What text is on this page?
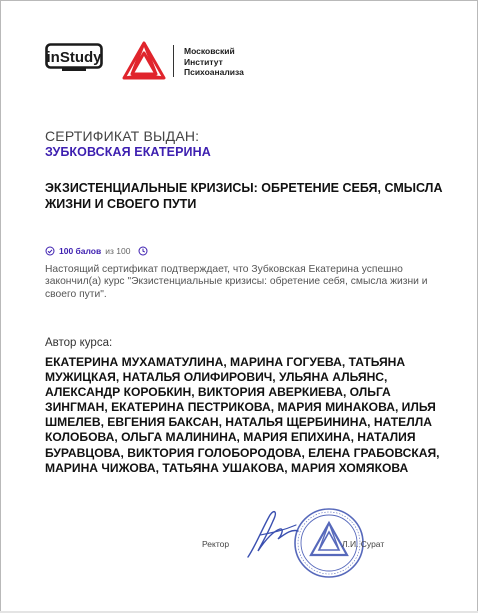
inStudy	Московский
Институт
Психоанализа
СЕРТИФИКАТ ВЫДАН:
ЗУБКОВСКАЯ ЕКАТЕРИНА
ЭКЗИСТЕНЦИАЛЬНЫЕ КРИЗИСЫ: ОБРЕТЕНИЕ СЕБЯ, СМЫСЛА ЖИЗНИ И СВОЕГО ПУТИ
100 балов из 100
Настоящий сертификат подтверждает, что Зубковская Екатерина успешно закончил(а) курс "Экзистенциальные кризисы: обретение себя, смысла жизни и своего пути".
Автор курса:
ЕКАТЕРИНА МУХАМАТУЛИНА, МАРИНА ГОГУЕВА, ТАТЬЯНА МУЖИЦКАЯ, НАТАЛЬЯ ОЛИФИРОВИЧ, УЛЬЯНА АЛЬЯНС, АЛЕКСАНДР КОРОБКИН, ВИКТОРИЯ АВЕРКИЕВА, ОЛЬГА ЗИНГМАН, ЕКАТЕРИНА ПЕСТРИКОВА, МАРИЯ МИНАКОВА, ИЛЬЯ ШМЕЛЕВ, ЕВГЕНИЯ БАКСАН, НАТАЛЬЯ ЩЕРБИНИНА, НАТЕЛЛА КОЛОБОВА, ОЛЬГА МАЛИНИНА, МАРИЯ ЕПИХИНА, НАТАЛИЯ БУРАВЦОВА, ВИКТОРИЯ ГОЛОБОРОДОВА, ЕЛЕНА ГРАБОВСКАЯ, МАРИНА ЧИЖОВА, ТАТЬЯНА УШАКОВА, МАРИЯ ХОМЯКОВА
Ректор	Л.И. Сурат
